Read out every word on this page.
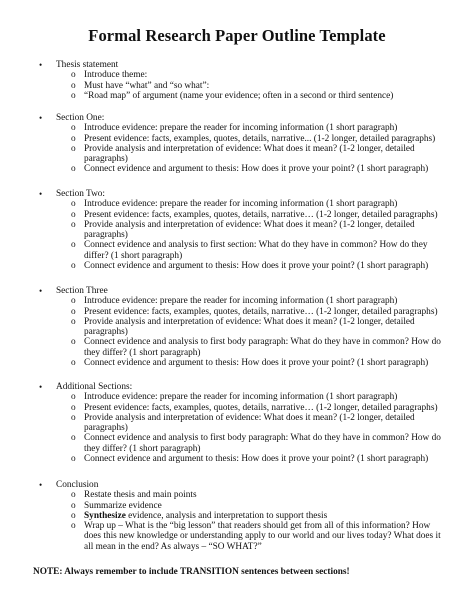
Formal Research Paper Outline Template
• Thesis statement
o Introduce theme:
o Must have “what” and “so what”:
o “Road map” of argument (name your evidence; often in a second or third sentence)
• Section One:
o Introduce evidence: prepare the reader for incoming information (1 short paragraph)
o Present evidence: facts, examples, quotes, details, narrative... (1-2 longer, detailed paragraphs)
o Provide analysis and interpretation of evidence: What does it mean? (1-2 longer, detailed paragraphs)
o Connect evidence and argument to thesis: How does it prove your point? (1 short paragraph)
• Section Two:
o Introduce evidence: prepare the reader for incoming information (1 short paragraph)
o Present evidence: facts, examples, quotes, details, narrative… (1-2 longer, detailed paragraphs)
o Provide analysis and interpretation of evidence: What does it mean? (1-2 longer, detailed paragraphs)
o Connect evidence and analysis to first section: What do they have in common? How do they differ? (1 short paragraph)
o Connect evidence and argument to thesis: How does it prove your point? (1 short paragraph)
• Section Three
o Introduce evidence: prepare the reader for incoming information (1 short paragraph)
o Present evidence: facts, examples, quotes, details, narrative… (1-2 longer, detailed paragraphs)
o Provide analysis and interpretation of evidence: What does it mean? (1-2 longer, detailed paragraphs)
o Connect evidence and analysis to first body paragraph: What do they have in common? How do they differ? (1 short paragraph)
o Connect evidence and argument to thesis: How does it prove your point? (1 short paragraph)
• Additional Sections:
o Introduce evidence: prepare the reader for incoming information (1 short paragraph)
o Present evidence: facts, examples, quotes, details, narrative… (1-2 longer, detailed paragraphs)
o Provide analysis and interpretation of evidence: What does it mean? (1-2 longer, detailed paragraphs)
o Connect evidence and analysis to first body paragraph: What do they have in common? How do they differ? (1 short paragraph)
o Connect evidence and argument to thesis: How does it prove your point? (1 short paragraph)
• Conclusion
o Restate thesis and main points
o Summarize evidence
o Synthesize evidence, analysis and interpretation to support thesis
o Wrap up – What is the “big lesson” that readers should get from all of this information? How does this new knowledge or understanding apply to our world and our lives today? What does it all mean in the end? As always – “SO WHAT?”
NOTE: Always remember to include TRANSITION sentences between sections!
